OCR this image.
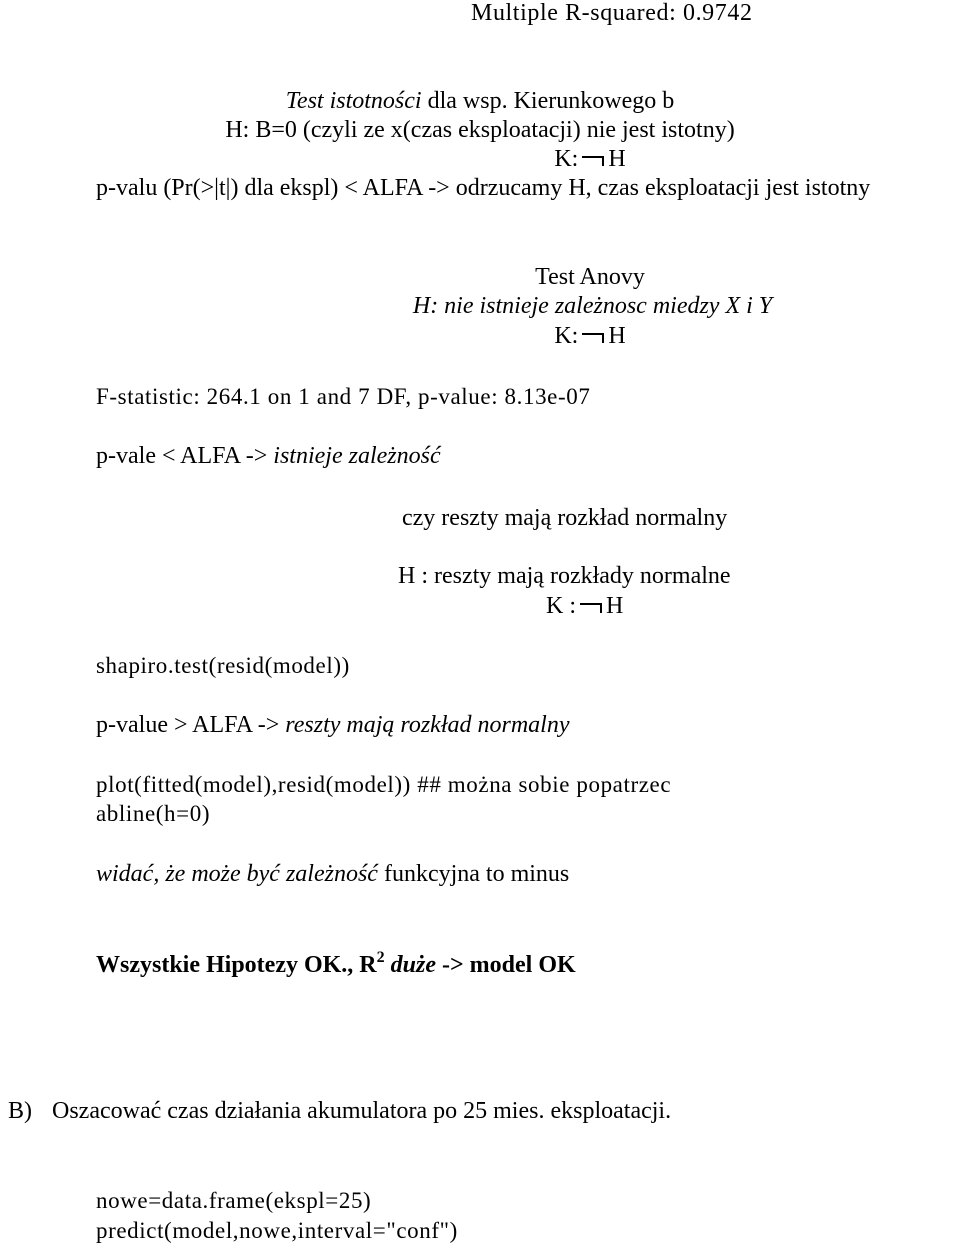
Multiple R-squared: 0.9742
Test istotności dla wsp. Kierunkowego b
H: B=0 (czyli ze x(czas eksploatacji) nie jest istotny)
K: H
p-valu (Pr(>|t|) dla ekspl) < ALFA -> odrzucamy H, czas eksploatacji jest istotny
Test Anovy
H: nie istnieje zależnosc miedzy X i Y
K: H
F-statistic: 264.1 on 1 and 7 DF, p-value: 8.13e-07
p-vale < ALFA -> istnieje zależność
czy reszty mają rozkład normalny
H : reszty mają rozkłady normalne
K : H
shapiro.test(resid(model))
p-value > ALFA -> reszty mają rozkład normalny
plot(fitted(model),resid(model)) ## można sobie popatrzec
abline(h=0)
widać, że może być zależność funkcyjna to minus
Wszystkie Hipotezy OK., $R^2$ duże -> model OK
B) Oszacować czas działania akumulatora po 25 mies. eksploatacji.
nowe=data.frame(ekspl=25)
predict(model,nowe,interval="conf")
